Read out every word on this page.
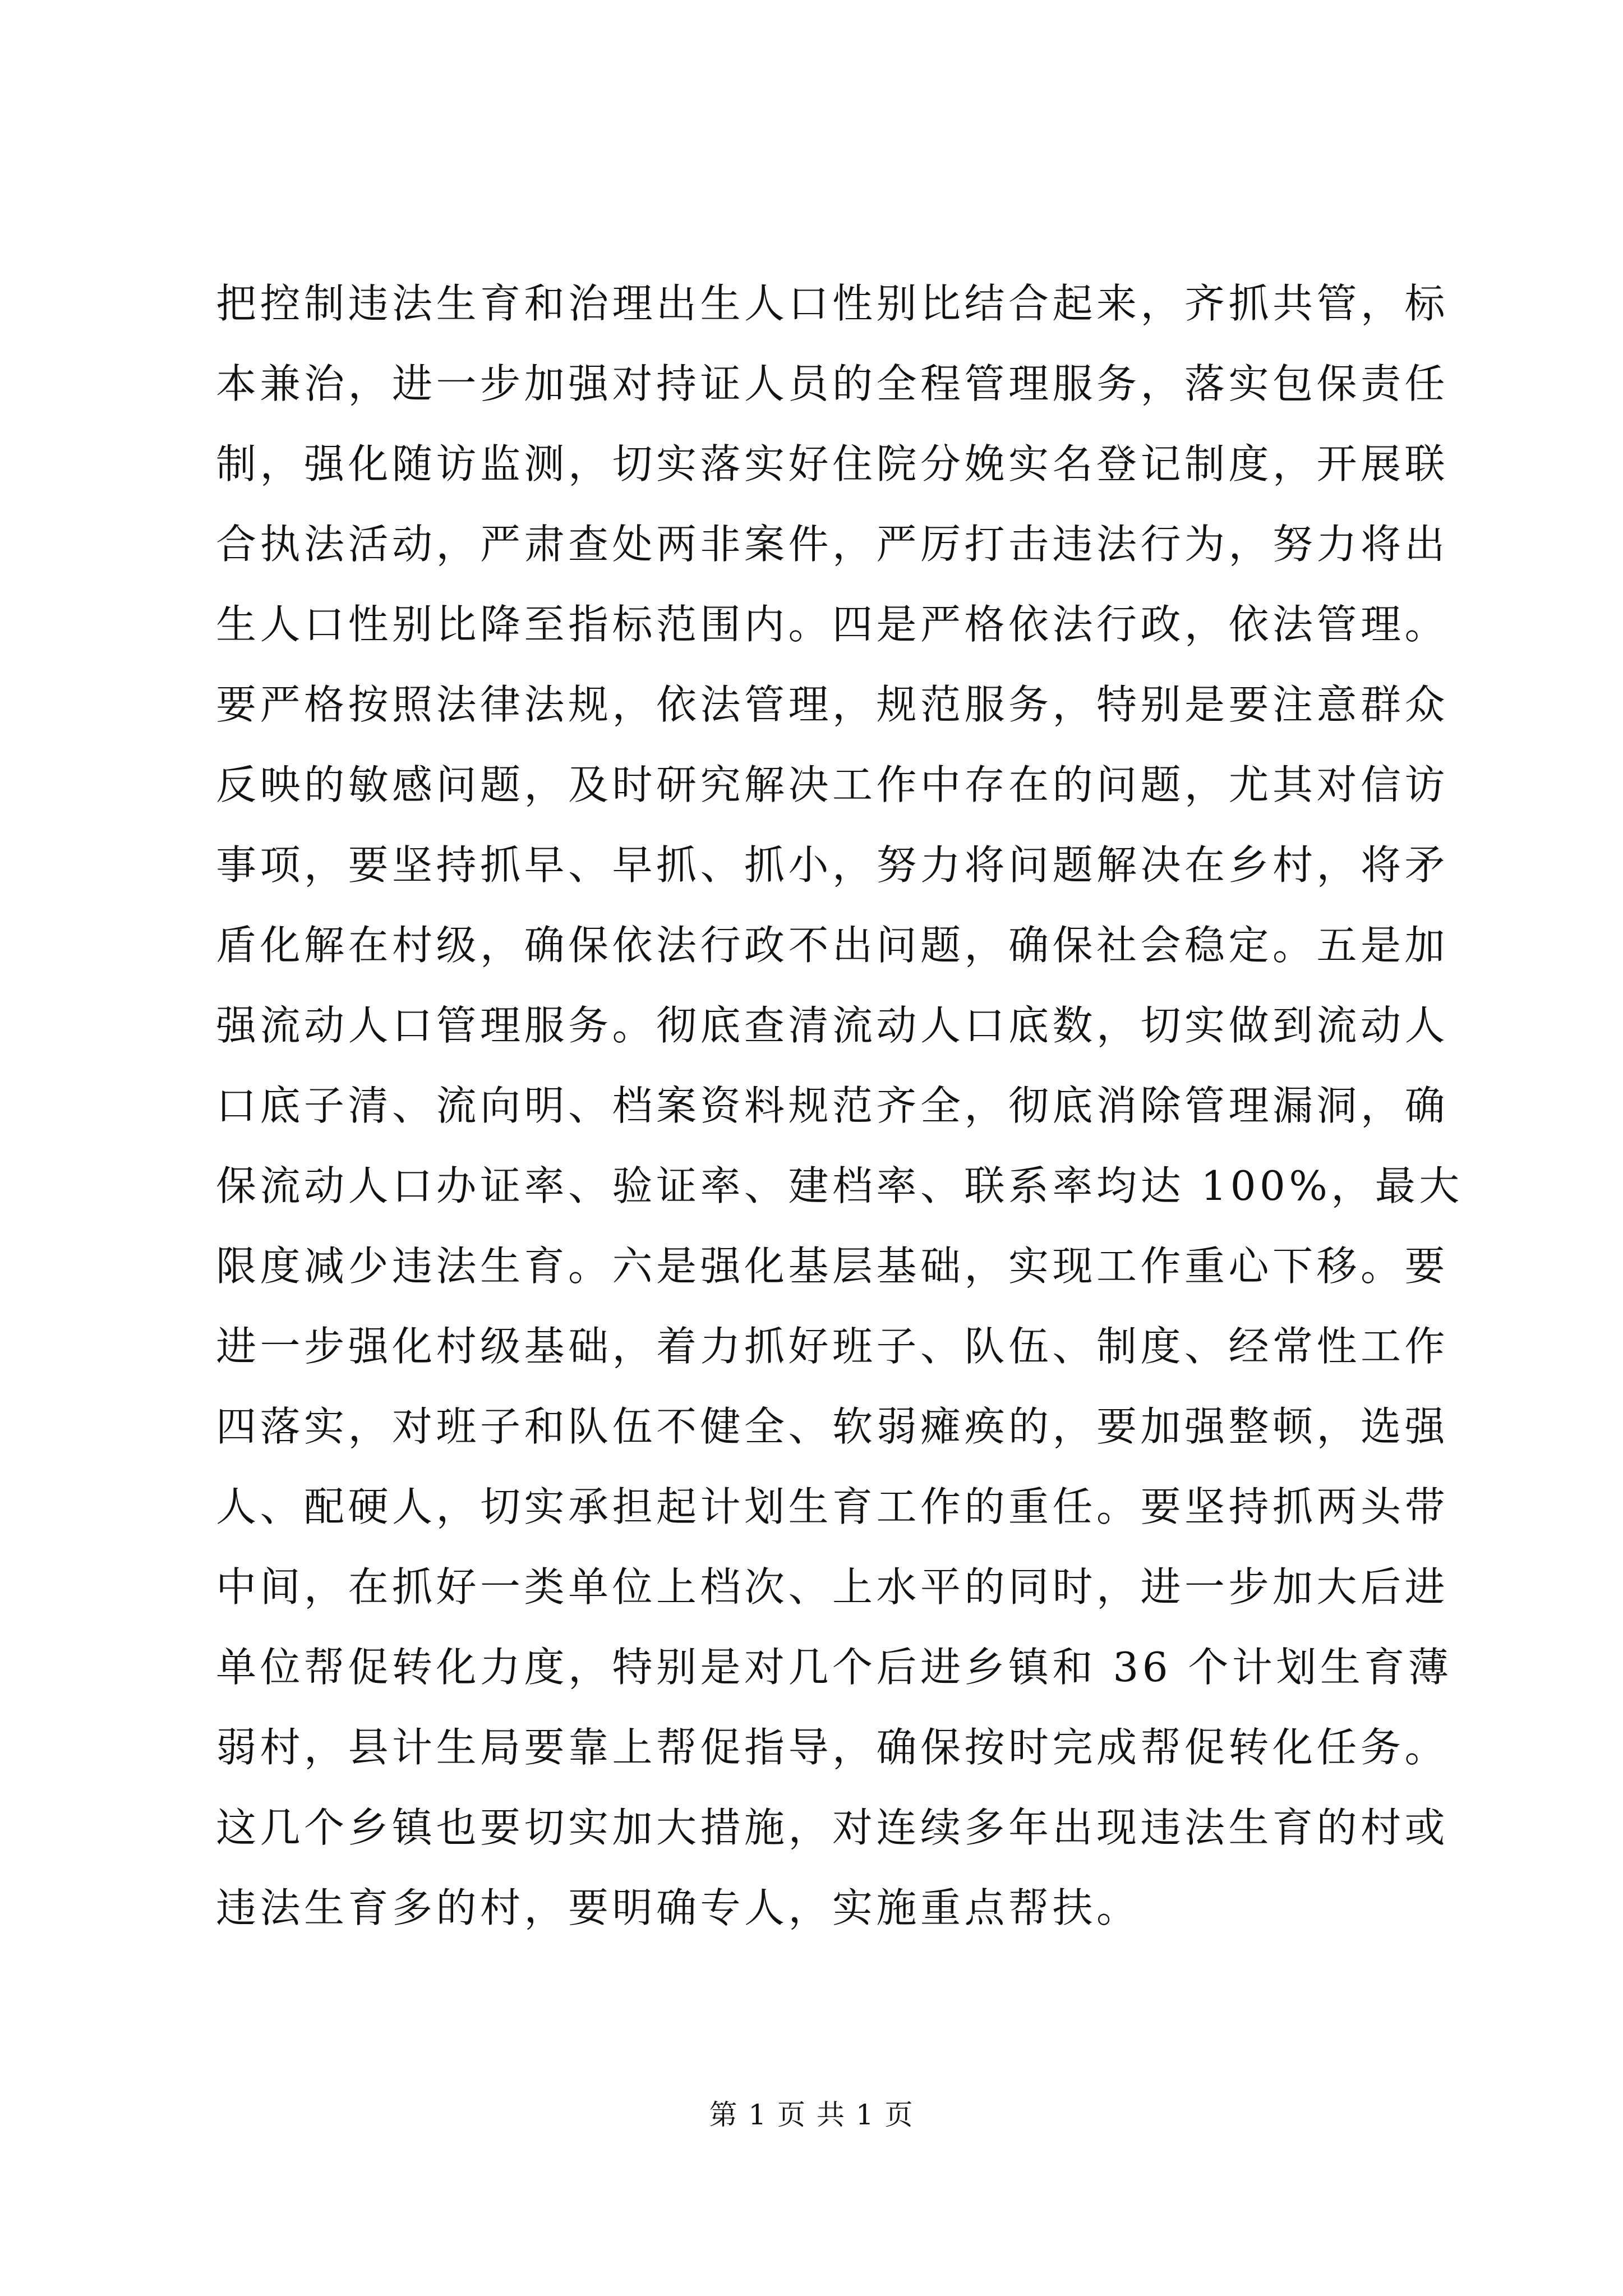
把控制违法生育和治理出生人口性别比结合起来，齐抓共管，标
本兼治，进一步加强对持证人员的全程管理服务，落实包保责任
制，强化随访监测，切实落实好住院分娩实名登记制度，开展联
合执法活动，严肃查处两非案件，严厉打击违法行为，努力将出
生人口性别比降至指标范围内。四是严格依法行政，依法管理。
要严格按照法律法规，依法管理，规范服务，特别是要注意群众
反映的敏感问题，及时研究解决工作中存在的问题，尤其对信访
事项，要坚持抓早、早抓、抓小，努力将问题解决在乡村，将矛
盾化解在村级，确保依法行政不出问题，确保社会稳定。五是加
强流动人口管理服务。彻底查清流动人口底数，切实做到流动人
口底子清、流向明、档案资料规范齐全，彻底消除管理漏洞，确
保流动人口办证率、验证率、建档率、联系率均达 100%，最大
限度减少违法生育。六是强化基层基础，实现工作重心下移。要
进一步强化村级基础，着力抓好班子、队伍、制度、经常性工作
四落实，对班子和队伍不健全、软弱瘫痪的，要加强整顿，选强
人、配硬人，切实承担起计划生育工作的重任。要坚持抓两头带
中间，在抓好一类单位上档次、上水平的同时，进一步加大后进
单位帮促转化力度，特别是对几个后进乡镇和 36 个计划生育薄
弱村，县计生局要靠上帮促指导，确保按时完成帮促转化任务。
这几个乡镇也要切实加大措施，对连续多年出现违法生育的村或
违法生育多的村，要明确专人，实施重点帮扶。
第 1 页 共 1 页
